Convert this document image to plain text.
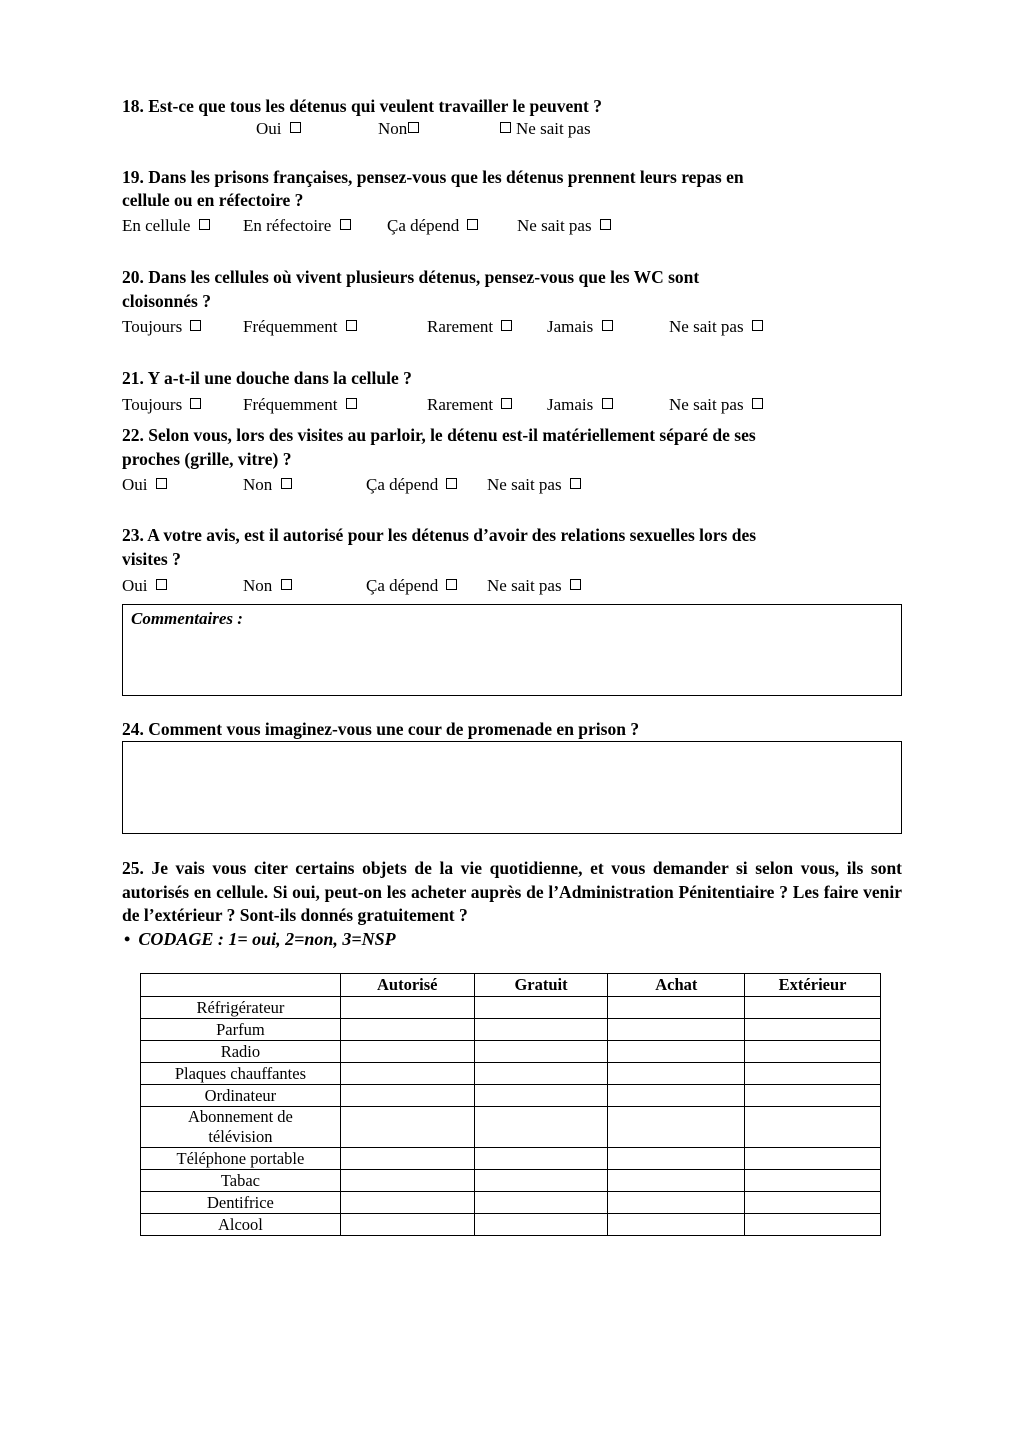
18. Est-ce que tous les détenus qui veulent travailler le peuvent ?
Oui	Non	Ne sait pas
19. Dans les prisons françaises, pensez-vous que les détenus prennent leurs repas en
cellule ou en réfectoire ?
En cellule	En réfectoire	Ça dépend	Ne sait pas
20. Dans les cellules où vivent plusieurs détenus, pensez-vous que les WC sont
cloisonnés ?
Toujours	Fréquemment	Rarement	Jamais	Ne sait pas
21. Y a-t-il une douche dans la cellule ?
Toujours	Fréquemment	Rarement	Jamais	Ne sait pas
22. Selon vous, lors des visites au parloir, le détenu est-il matériellement séparé de ses
proches (grille, vitre) ?
Oui	Non	Ça dépend	Ne sait pas
23. A votre avis, est il autorisé pour les détenus d’avoir des relations sexuelles lors des
visites ?
Oui	Non	Ça dépend	Ne sait pas
Commentaires :
24. Comment vous imaginez-vous une cour de promenade en prison ?
25. Je vais vous citer certains objets de la vie quotidienne, et vous demander si selon vous, ils sont autorisés en cellule. Si oui, peut-on les acheter auprès de l’Administration Pénitentiaire ? Les faire venir de l’extérieur ? Sont-ils donnés gratuitement ?
• CODAGE : 1= oui, 2=non, 3=NSP
	Autorisé	Gratuit	Achat	Extérieur
Réfrigérateur				
Parfum				
Radio				
Plaques chauffantes				
Ordinateur				
Abonnement de télévision				
Téléphone portable				
Tabac				
Dentifrice				
Alcool				
